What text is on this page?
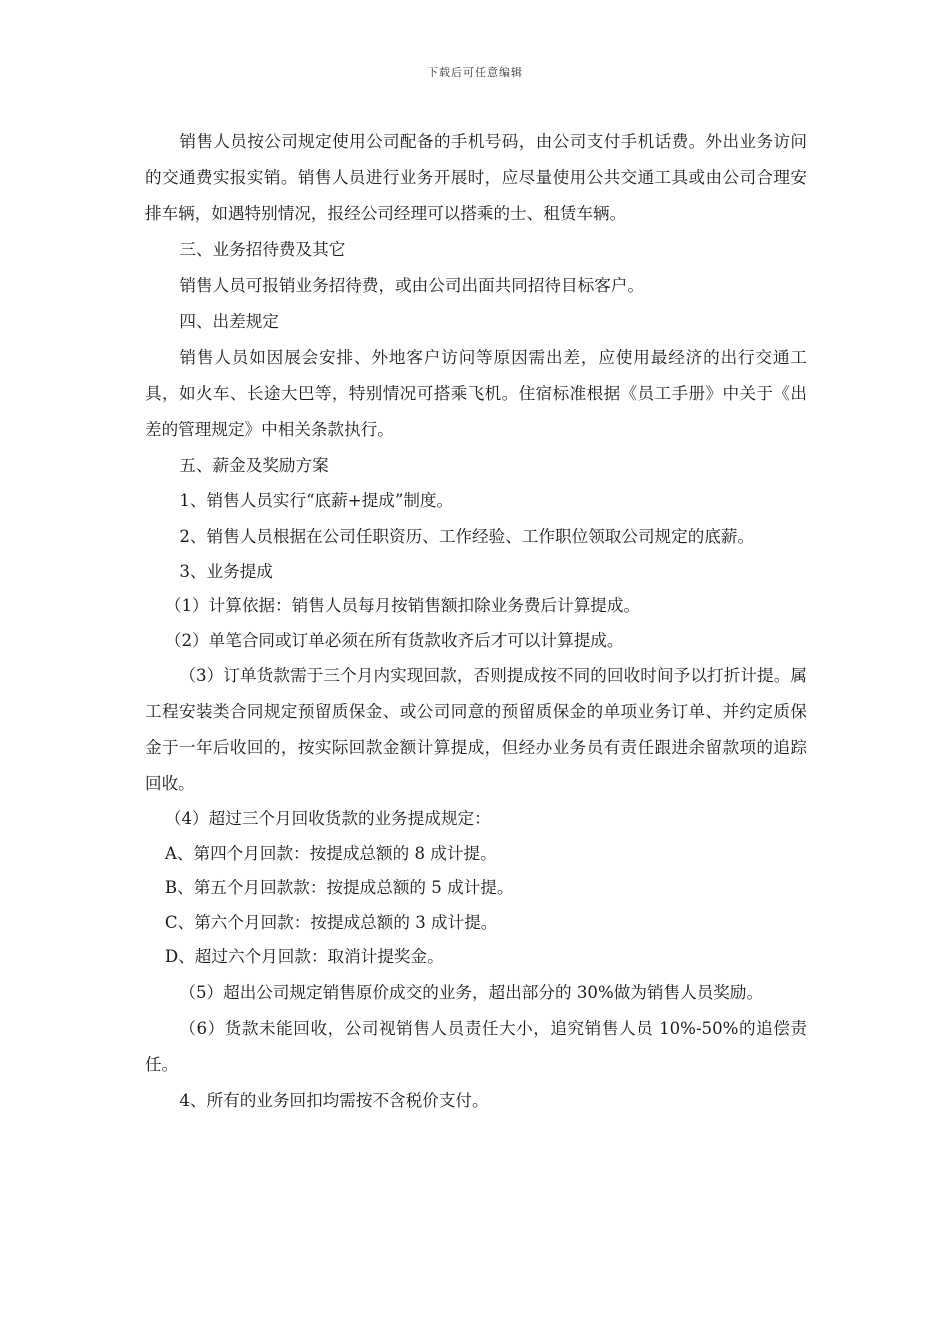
下载后可任意编辑

销售人员按公司规定使用公司配备的手机号码，由公司支付手机话费。外出业务访问的交通费实报实销。销售人员进行业务开展时，应尽量使用公共交通工具或由公司合理安排车辆，如遇特别情况，报经公司经理可以搭乘的士、租赁车辆。

三、业务招待费及其它

销售人员可报销业务招待费，或由公司出面共同招待目标客户。

四、出差规定

销售人员如因展会安排、外地客户访问等原因需出差，应使用最经济的出行交通工具，如火车、长途大巴等，特别情况可搭乘飞机。住宿标准根据《员工手册》中关于《出差的管理规定》中相关条款执行。

五、薪金及奖励方案

1、销售人员实行“底薪+提成”制度。

2、销售人员根据在公司任职资历、工作经验、工作职位领取公司规定的底薪。

3、业务提成

（1）计算依据：销售人员每月按销售额扣除业务费后计算提成。

（2）单笔合同或订单必须在所有货款收齐后才可以计算提成。

（3）订单货款需于三个月内实现回款，否则提成按不同的回收时间予以打折计提。属工程安装类合同规定预留质保金、或公司同意的预留质保金的单项业务订单、并约定质保金于一年后收回的，按实际回款金额计算提成，但经办业务员有责任跟进余留款项的追踪回收。

（4）超过三个月回收货款的业务提成规定：

A、第四个月回款：按提成总额的 8 成计提。

B、第五个月回款款：按提成总额的 5 成计提。

C、第六个月回款：按提成总额的 3 成计提。

D、超过六个月回款：取消计提奖金。

（5）超出公司规定销售原价成交的业务，超出部分的 30%做为销售人员奖励。

（6）货款未能回收，公司视销售人员责任大小，追究销售人员 10%-50%的追偿责任。

4、所有的业务回扣均需按不含税价支付。
